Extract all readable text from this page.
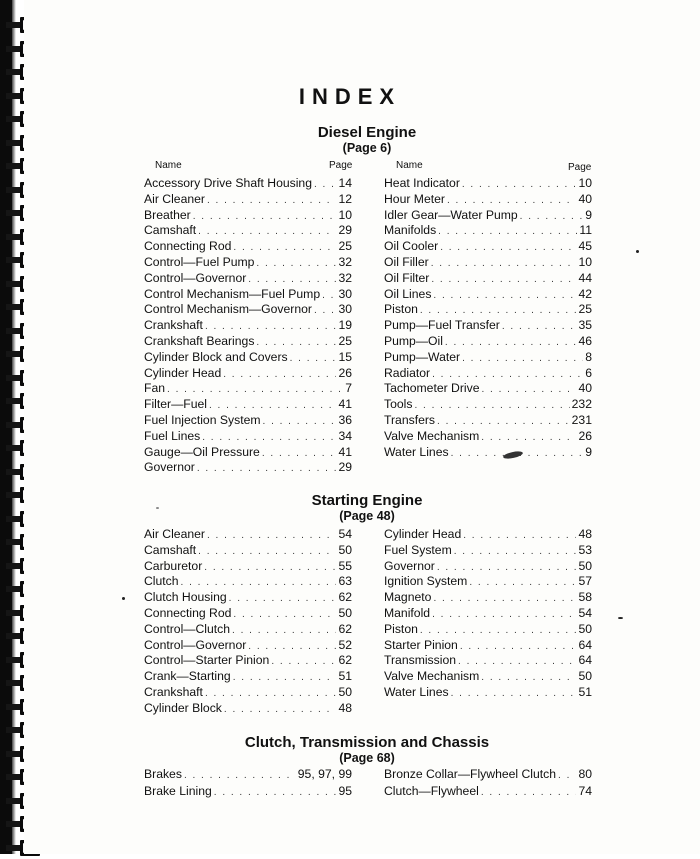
INDEX
Diesel Engine
(Page 6)
Name	Page	Name	Page
Accessory Drive Shaft Housing . . . 14
Air Cleaner . . .	12
Breather . . .	10
Camshaft . . .	29
Connecting Rod . . .	25
Control—Fuel Pump . . .	32
Control—Governor . . .	32
Control Mechanism—Fuel Pump . . . 30
Control Mechanism—Governor . . . 30
Crankshaft . . .	19
Crankshaft Bearings . . .	25
Cylinder Block and Covers . . .	15
Cylinder Head . . .	26
Fan . . .	7
Filter—Fuel . . .	41
Fuel Injection System . . .	36
Fuel Lines . . .	34
Gauge—Oil Pressure . . .	41
Governor . . .	29
Heat Indicator . . .	10
Hour Meter . . .	40
Idler Gear—Water Pump . . .	9
Manifolds . . .	11
Oil Cooler . . .	45
Oil Filler . . .	10
Oil Filter . . .	44
Oil Lines . . .	42
Piston . . .	25
Pump—Fuel Transfer . . .	35
Pump—Oil . . .	46
Pump—Water . . .	8
Radiator . . .	6
Tachometer Drive . . .	40
Tools . . .	232
Transfers . . .	231
Valve Mechanism . . .	26
Water Lines . . .	9
Air Cleaner . . .	54
Camshaft . . .	50
Carburetor . . .	55
Clutch . . .	63
Clutch Housing . . .	62
Connecting Rod . . .	50
Control—Clutch . . .	62
Control—Governor . . .	52
Control—Starter Pinion . . .	62
Crank—Starting . . .	51
Crankshaft . . .	50
Cylinder Block . . .	48
Cylinder Head . . .	48
Fuel System . . .	53
Governor . . .	50
Ignition System . . .	57
Magneto . . .	58
Manifold . . .	54
Piston . . .	50
Starter Pinion . . .	64
Transmission . . .	64
Valve Mechanism . . .	50
Water Lines . . .	51
Brakes . . .	95, 97, 99
Brake Lining . . .	95
Bronze Collar—Flywheel Clutch . . . 80
Clutch—Flywheel . . .	74
Starting Engine
(Page 48)
Clutch, Transmission and Chassis
(Page 68)
